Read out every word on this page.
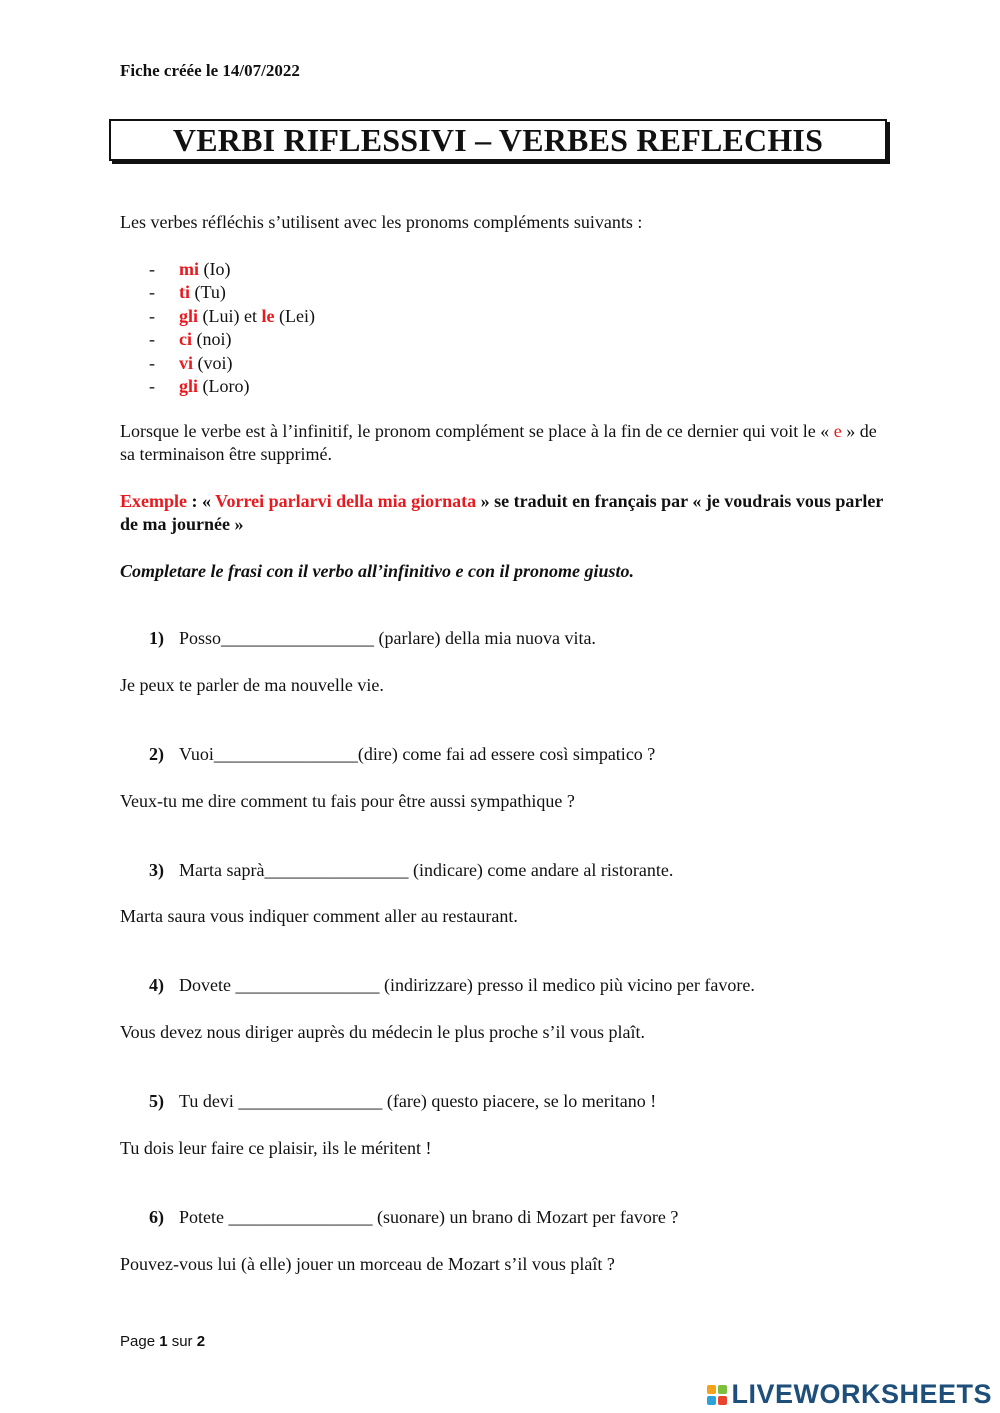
Fiche créée le 14/07/2022
VERBI RIFLESSIVI – VERBES REFLECHIS
Les verbes réfléchis s’utilisent avec les pronoms compléments suivants :
- mi (Io)
- ti (Tu)
- gli (Lui) et le (Lei)
- ci (noi)
- vi (voi)
- gli (Loro)
Lorsque le verbe est à l’infinitif, le pronom complément se place à la fin de ce dernier qui voit le « e » de sa terminaison être supprimé.
Exemple : « Vorrei parlarvi della mia giornata » se traduit en français par « je voudrais vous parler de ma journée »
Completare le frasi con il verbo all’infinitivo e con il pronome giusto.
1) Posso_________________ (parlare) della mia nuova vita.
Je peux te parler de ma nouvelle vie.
2) Vuoi________________(dire) come fai ad essere così simpatico ?
Veux-tu me dire comment tu fais pour être aussi sympathique ?
3) Marta saprà________________ (indicare) come andare al ristorante.
Marta saura vous indiquer comment aller au restaurant.
4) Dovete ________________ (indirizzare) presso il medico più vicino per favore.
Vous devez nous diriger auprès du médecin le plus proche s’il vous plaît.
5) Tu devi ________________ (fare) questo piacere, se lo meritano !
Tu dois leur faire ce plaisir, ils le méritent !
6) Potete ________________ (suonare) un brano di Mozart per favore ?
Pouvez-vous lui (à elle) jouer un morceau de Mozart s’il vous plaît ?
Page 1 sur 2
LIVEWORKSHEETS
